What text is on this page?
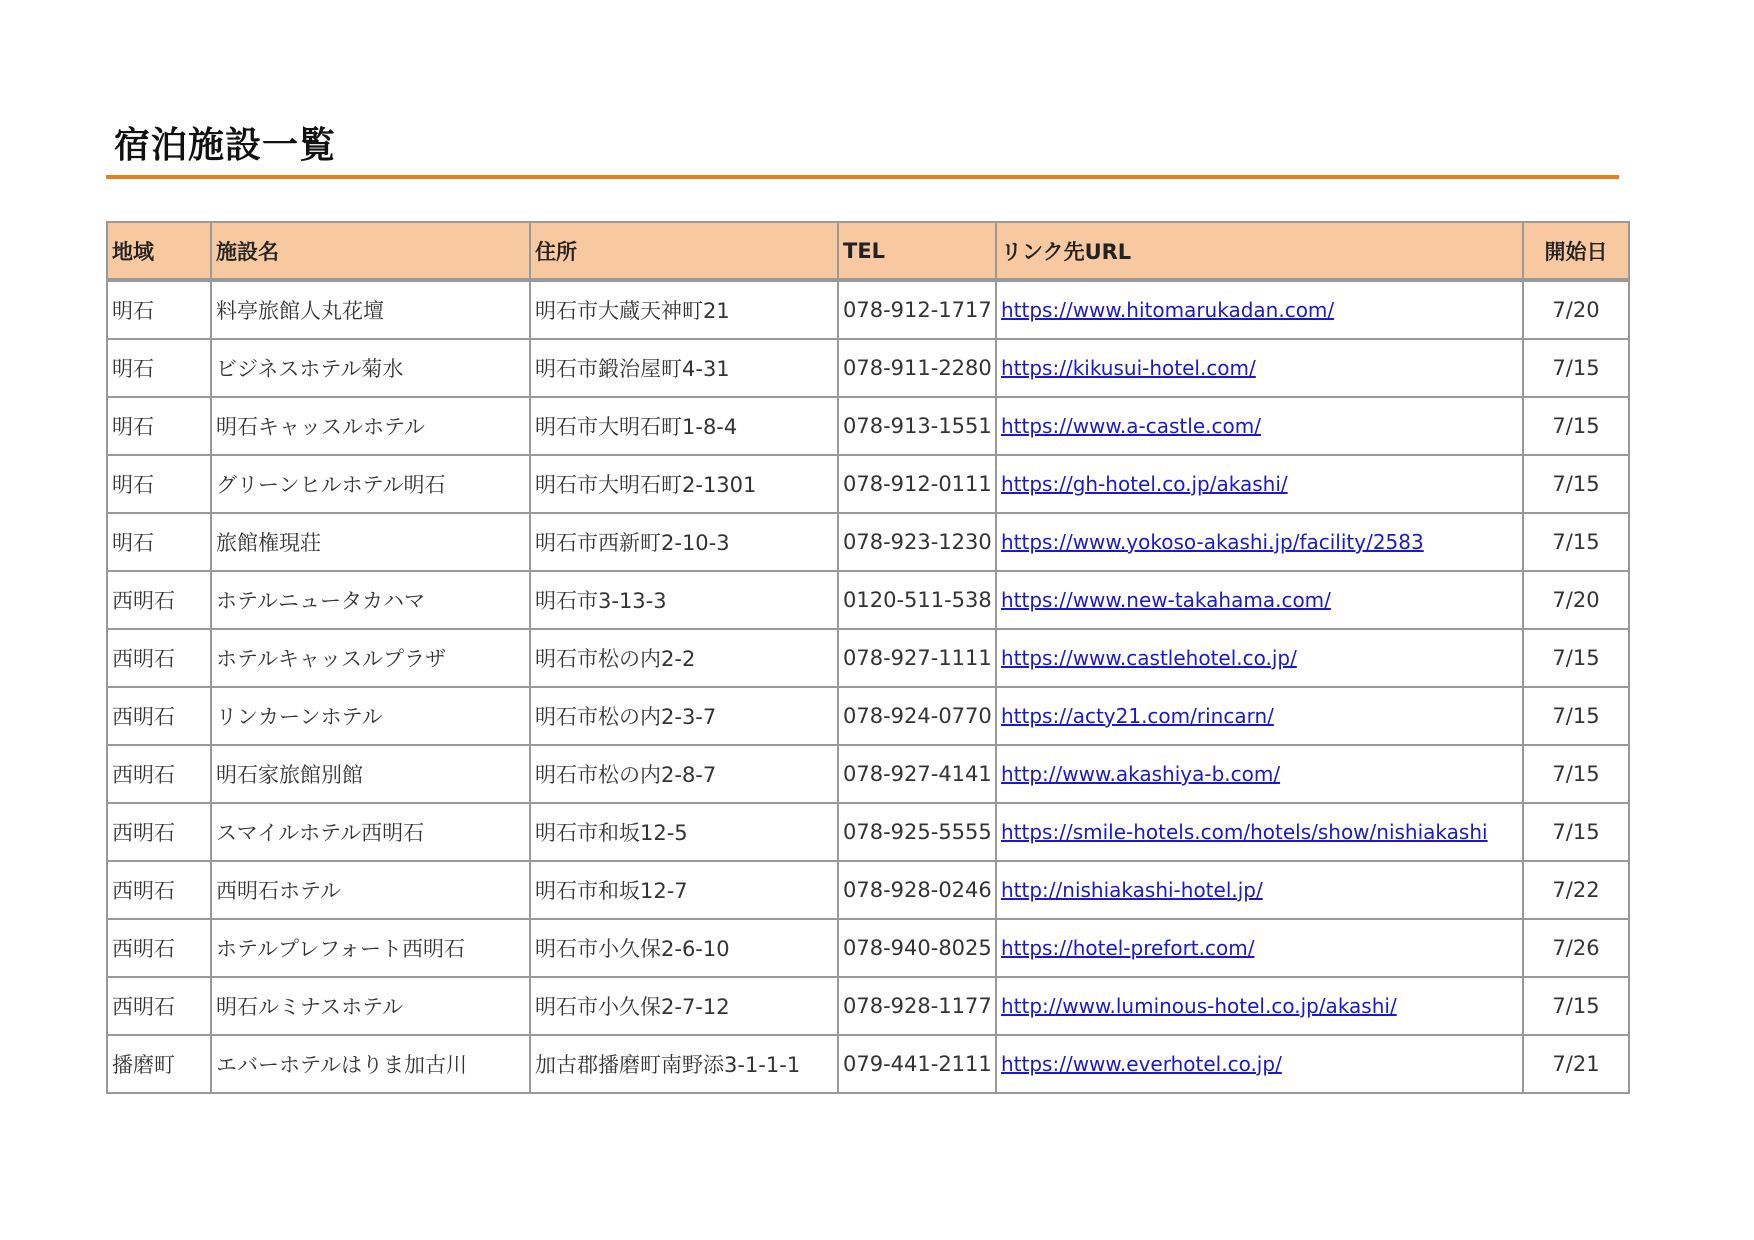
宿泊施設一覧
地域	施設名	住所	TEL	リンク先URL	開始日
明石	料亭旅館人丸花壇	明石市大蔵天神町21	078-912-1717	https://www.hitomarukadan.com/	7/20
明石	ビジネスホテル菊水	明石市鍛治屋町4-31	078-911-2280	https://kikusui-hotel.com/	7/15
明石	明石キャッスルホテル	明石市大明石町1-8-4	078-913-1551	https://www.a-castle.com/	7/15
明石	グリーンヒルホテル明石	明石市大明石町2-1301	078-912-0111	https://gh-hotel.co.jp/akashi/	7/15
明石	旅館権現荘	明石市西新町2-10-3	078-923-1230	https://www.yokoso-akashi.jp/facility/2583	7/15
西明石	ホテルニュータカハマ	明石市3-13-3	0120-511-538	https://www.new-takahama.com/	7/20
西明石	ホテルキャッスルプラザ	明石市松の内2-2	078-927-1111	https://www.castlehotel.co.jp/	7/15
西明石	リンカーンホテル	明石市松の内2-3-7	078-924-0770	https://acty21.com/rincarn/	7/15
西明石	明石家旅館別館	明石市松の内2-8-7	078-927-4141	http://www.akashiya-b.com/	7/15
西明石	スマイルホテル西明石	明石市和坂12-5	078-925-5555	https://smile-hotels.com/hotels/show/nishiakashi	7/15
西明石	西明石ホテル	明石市和坂12-7	078-928-0246	http://nishiakashi-hotel.jp/	7/22
西明石	ホテルプレフォート西明石	明石市小久保2-6-10	078-940-8025	https://hotel-prefort.com/	7/26
西明石	明石ルミナスホテル	明石市小久保2-7-12	078-928-1177	http://www.luminous-hotel.co.jp/akashi/	7/15
播磨町	エバーホテルはりま加古川	加古郡播磨町南野添3-1-1-1	079-441-2111	https://www.everhotel.co.jp/	7/21
